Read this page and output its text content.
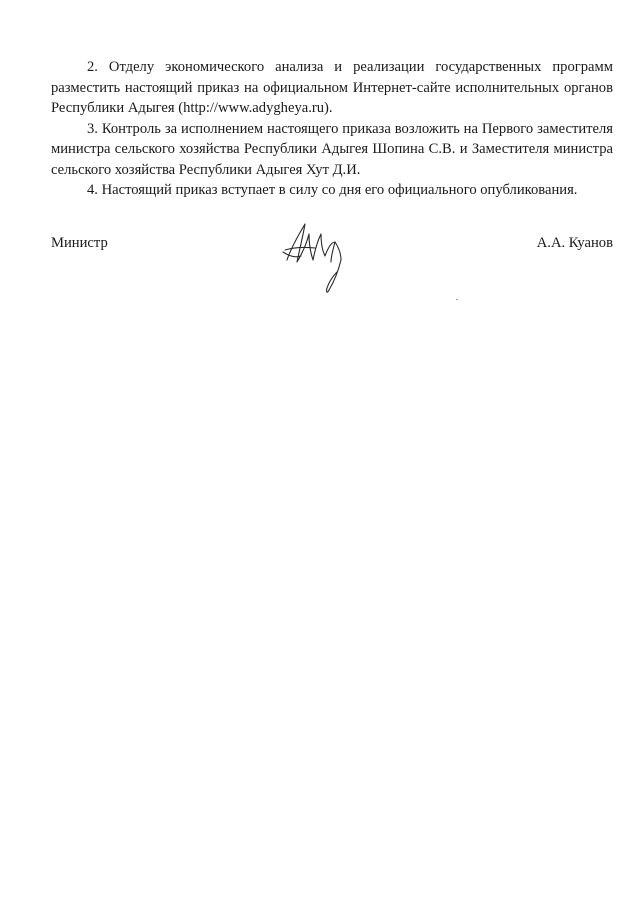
2. Отделу экономического анализа и реализации государственных программ разместить настоящий приказ на официальном Интернет-сайте исполнительных органов Республики Адыгея (http://www.adygheya.ru).

3. Контроль за исполнением настоящего приказа возложить на Первого заместителя министра сельского хозяйства Республики Адыгея Шопина С.В. и Заместителя министра сельского хозяйства Республики Адыгея Хут Д.И.

4. Настоящий приказ вступает в силу со дня его официального опубликования.

Министр	А.А. Куанов
